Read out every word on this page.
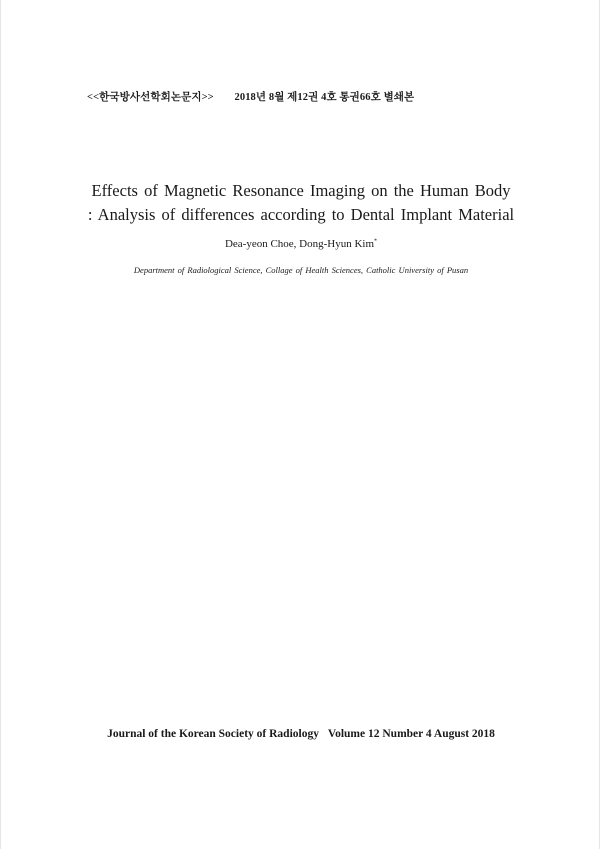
<<한국방사선학회논문지>> 2018년 8월 제12권 4호 통권66호 별쇄본
Effects of Magnetic Resonance Imaging on the Human Body
: Analysis of differences according to Dental Implant Material
Dea-yeon Choe, Dong-Hyun Kim*
Department of Radiological Science, Collage of Health Sciences, Catholic University of Pusan
Journal of the Korean Society of Radiology Volume 12 Number 4 August 2018
